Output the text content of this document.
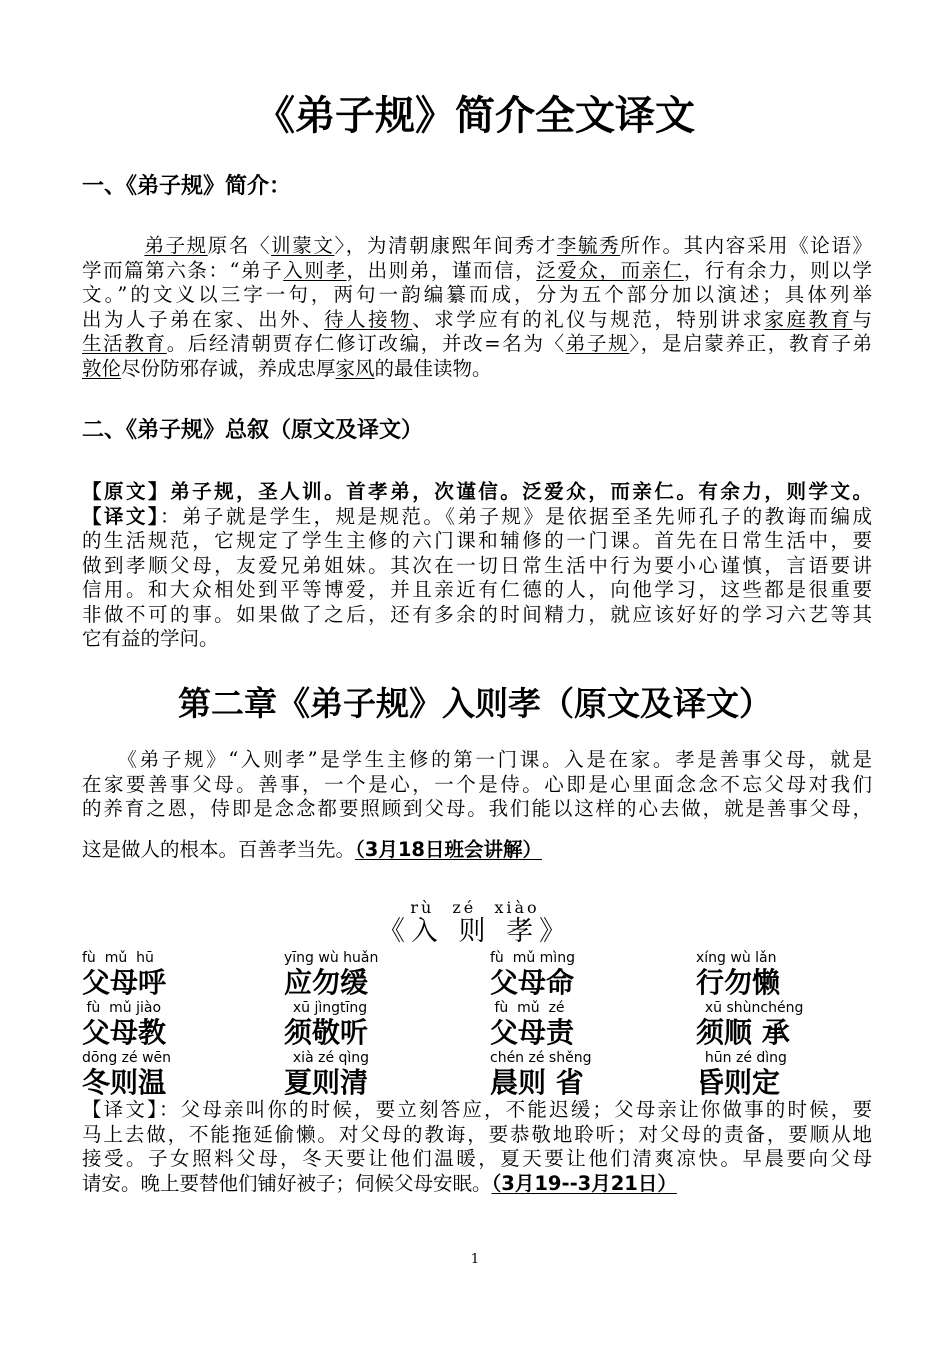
《弟子规》简介全文译文
一、《弟子规》简介：
弟子规原名〈训蒙文〉，为清朝康熙年间秀才李毓秀所作。其内容采用《论语》
学而篇第六条：“弟子入则孝，出则弟，谨而信，泛爱众，而亲仁，行有余力，则以学
文。”的文义以三字一句，两句一韵编纂而成，分为五个部分加以演述；具体列举
出为人子弟在家、出外、待人接物、求学应有的礼仪与规范，特别讲求家庭教育与
生活教育。后经清朝贾存仁修订改编，并改=名为〈弟子规〉，是启蒙养正，教育子弟
敦伦尽份防邪存诚，养成忠厚家风的最佳读物。
二、《弟子规》总叙（原文及译文）
【原文】弟子规，圣人训。首孝弟，次谨信。泛爱众，而亲仁。有余力，则学文。
【译文】：弟子就是学生，规是规范。《弟子规》是依据至圣先师孔子的教诲而编成
的生活规范，它规定了学生主修的六门课和辅修的一门课。首先在日常生活中，要
做到孝顺父母，友爱兄弟姐妹。其次在一切日常生活中行为要小心谨慎，言语要讲
信用。和大众相处到平等博爱，并且亲近有仁德的人，向他学习，这些都是很重要
非做不可的事。如果做了之后，还有多余的时间精力，就应该好好的学习六艺等其
它有益的学问。
第二章《弟子规》入则孝（原文及译文）
《弟子规》“入则孝”是学生主修的第一门课。入是在家。孝是善事父母，就是
在家要善事父母。善事，一个是心，一个是侍。心即是心里面念念不忘父母对我们
的养育之恩，侍即是念念都要照顾到父母。我们能以这样的心去做，就是善事父母，
这是做人的根本。百善孝当先。（3月18日班会讲解）
rù zé xiào
《入 则 孝》
fù  mǔ  hū
父母呼
yīng wù huǎn
应勿缓
fù  mǔ mìng
父母命
xíng wù lǎn
行勿懒
fù  mǔ jiào
父母教
xū jìngtīng
须敬听
fù  mǔ  zé
父母责
xū shùnchéng
须顺 承
dōng zé wēn
冬则温
xià zé qìng
夏则清
chén zé shěng
晨则 省
hūn zé dìng
昏则定
【译文】：父母亲叫你的时候，要立刻答应，不能迟缓；父母亲让你做事的时候，要
马上去做，不能拖延偷懒。对父母的教诲，要恭敬地聆听；对父母的责备，要顺从地
接受。子女照料父母，冬天要让他们温暖，夏天要让他们清爽凉快。早晨要向父母
请安。晚上要替他们铺好被子；伺候父母安眠。（3月19--3月21日）
1
